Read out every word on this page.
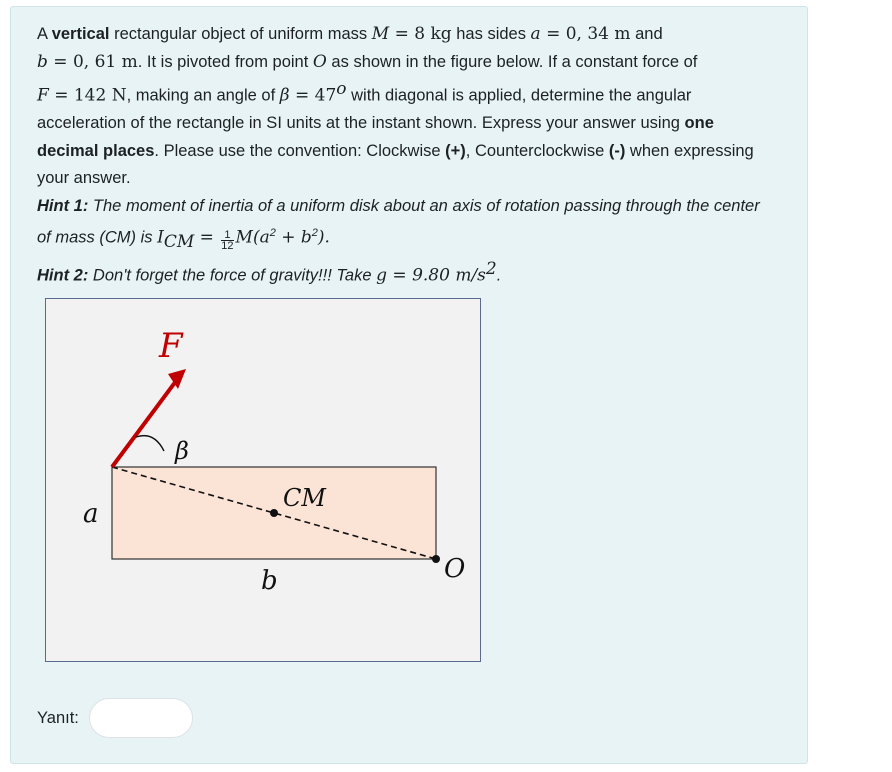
A vertical rectangular object of uniform mass M = 8 kg has sides a = 0, 34 m and
b = 0, 61 m. It is pivoted from point O as shown in the figure below. If a constant force of
F = 142 N, making an angle of $\beta = 47^o$ with diagonal is applied, determine the angular acceleration of the rectangle in SI units at the instant shown. Express your answer using one decimal places. Please use the convention: Clockwise (+), Counterclockwise (-) when expressing your answer.

Hint 1: The moment of inertia of a uniform disk about an axis of rotation passing through the center of mass (CM) is $I_{CM} = \frac{1}{12} M(a^2 + b^2)$.

Hint 2: Don't forget the force of gravity!!! Take g = 9.80 $m/s^2$.

F
β
CM
a
b	O
Yanıt:
